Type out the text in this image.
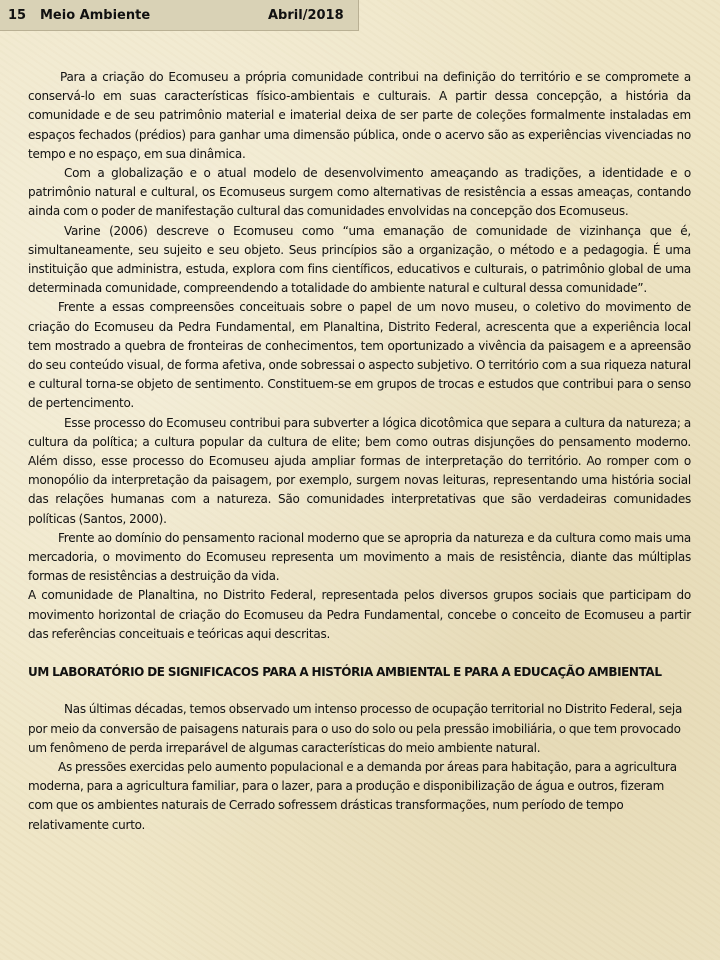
15 Meio Ambiente	Abril/2018

Para a criação do Ecomuseu a própria comunidade contribui na definição do território e se compromete a conservá-lo em suas características físico-ambientais e culturais. A partir dessa concepção, a história da comunidade e de seu patrimônio material e imaterial deixa de ser parte de coleções formalmente instaladas em espaços fechados (prédios) para ganhar uma dimensão pública, onde o acervo são as experiências vivenciadas no tempo e no espaço, em sua dinâmica.

Com a globalização e o atual modelo de desenvolvimento ameaçando as tradições, a identidade e o patrimônio natural e cultural, os Ecomuseus surgem como alternativas de resistência a essas ameaças, contando ainda com o poder de manifestação cultural das comunidades envolvidas na concepção dos Ecomuseus.

Varine (2006) descreve o Ecomuseu como “uma emanação de comunidade de vizinhança que é, simultaneamente, seu sujeito e seu objeto. Seus princípios são a organização, o método e a pedagogia. É uma instituição que administra, estuda, explora com fins científicos, educativos e culturais, o patrimônio global de uma determinada comunidade, compreendendo a totalidade do ambiente natural e cultural dessa comunidade”.

Frente a essas compreensões conceituais sobre o papel de um novo museu, o coletivo do movimento de criação do Ecomuseu da Pedra Fundamental, em Planaltina, Distrito Federal, acrescenta que a experiência local tem mostrado a quebra de fronteiras de conhecimentos, tem oportunizado a vivência da paisagem e a apreensão do seu conteúdo visual, de forma afetiva, onde sobressai o aspecto subjetivo. O território com a sua riqueza natural e cultural torna-se objeto de sentimento. Constituem-se em grupos de trocas e estudos que contribui para o senso de pertencimento.

Esse processo do Ecomuseu contribui para subverter a lógica dicotômica que separa a cultura da natureza; a cultura da política; a cultura popular da cultura de elite; bem como outras disjunções do pensamento moderno. Além disso, esse processo do Ecomuseu ajuda ampliar formas de interpretação do território. Ao romper com o monopólio da interpretação da paisagem, por exemplo, surgem novas leituras, representando uma história social das relações humanas com a natureza. São comunidades interpretativas que são verdadeiras comunidades políticas (Santos, 2000).

Frente ao domínio do pensamento racional moderno que se apropria da natureza e da cultura como mais uma mercadoria, o movimento do Ecomuseu representa um movimento a mais de resistência, diante das múltiplas formas de resistências a destruição da vida.

A comunidade de Planaltina, no Distrito Federal, representada pelos diversos grupos sociais que participam do movimento horizontal de criação do Ecomuseu da Pedra Fundamental, concebe o conceito de Ecomuseu a partir das referências conceituais e teóricas aqui descritas.

UM LABORATÓRIO DE SIGNIFICACOS PARA A HISTÓRIA AMBIENTAL E PARA A EDUCAÇÃO AMBIENTAL

Nas últimas décadas, temos observado um intenso processo de ocupação territorial no Distrito Federal, seja por meio da conversão de paisagens naturais para o uso do solo ou pela pressão imobiliária, o que tem provocado um fenômeno de perda irreparável de algumas características do meio ambiente natural.

As pressões exercidas pelo aumento populacional e a demanda por áreas para habitação, para a agricultura moderna, para a agricultura familiar, para o lazer, para a produção e disponibilização de água e outros, fizeram com que os ambientes naturais de Cerrado sofressem drásticas transformações, num período de tempo relativamente curto.
